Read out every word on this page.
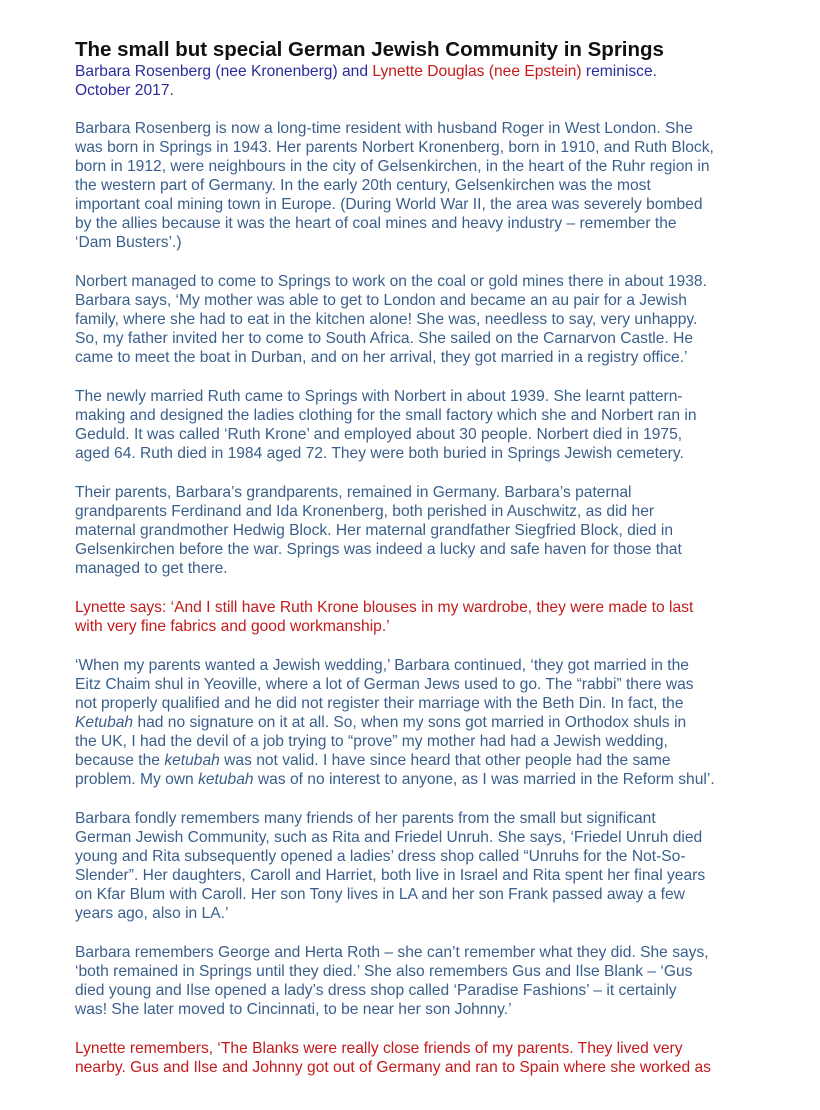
The small but special German Jewish Community in Springs

Barbara Rosenberg (nee Kronenberg) and Lynette Douglas (nee Epstein) reminisce.

October 2017.

Barbara Rosenberg is now a long-time resident with husband Roger in West London. She
was born in Springs in 1943. Her parents Norbert Kronenberg, born in 1910, and Ruth Block,
born in 1912, were neighbours in the city of Gelsenkirchen, in the heart of the Ruhr region in
the western part of Germany. In the early 20th century, Gelsenkirchen was the most
important coal mining town in Europe. (During World War II, the area was severely bombed
by the allies because it was the heart of coal mines and heavy industry – remember the
‘Dam Busters’.)

Norbert managed to come to Springs to work on the coal or gold mines there in about 1938.
Barbara says, ‘My mother was able to get to London and became an au pair for a Jewish
family, where she had to eat in the kitchen alone! She was, needless to say, very unhappy.
So, my father invited her to come to South Africa. She sailed on the Carnarvon Castle. He
came to meet the boat in Durban, and on her arrival, they got married in a registry office.’

The newly married Ruth came to Springs with Norbert in about 1939. She learnt pattern-
making and designed the ladies clothing for the small factory which she and Norbert ran in
Geduld. It was called ‘Ruth Krone’ and employed about 30 people. Norbert died in 1975,
aged 64. Ruth died in 1984 aged 72. They were both buried in Springs Jewish cemetery.

Their parents, Barbara’s grandparents, remained in Germany. Barbara’s paternal
grandparents Ferdinand and Ida Kronenberg, both perished in Auschwitz, as did her
maternal grandmother Hedwig Block. Her maternal grandfather Siegfried Block, died in
Gelsenkirchen before the war. Springs was indeed a lucky and safe haven for those that
managed to get there.

Lynette says: ‘And I still have Ruth Krone blouses in my wardrobe, they were made to last
with very fine fabrics and good workmanship.’

‘When my parents wanted a Jewish wedding,’ Barbara continued, ‘they got married in the
Eitz Chaim shul in Yeoville, where a lot of German Jews used to go. The “rabbi” there was
not properly qualified and he did not register their marriage with the Beth Din. In fact, the
Ketubah had no signature on it at all. So, when my sons got married in Orthodox shuls in
the UK, I had the devil of a job trying to “prove” my mother had had a Jewish wedding,
because the ketubah was not valid. I have since heard that other people had the same
problem. My own ketubah was of no interest to anyone, as I was married in the Reform shul’.

Barbara fondly remembers many friends of her parents from the small but significant
German Jewish Community, such as Rita and Friedel Unruh. She says, ‘Friedel Unruh died
young and Rita subsequently opened a ladies’ dress shop called “Unruhs for the Not-So-
Slender”. Her daughters, Caroll and Harriet, both live in Israel and Rita spent her final years
on Kfar Blum with Caroll. Her son Tony lives in LA and her son Frank passed away a few
years ago, also in LA.’

Barbara remembers George and Herta Roth – she can’t remember what they did. She says,
‘both remained in Springs until they died.’ She also remembers Gus and Ilse Blank – ‘Gus
died young and Ilse opened a lady’s dress shop called ‘Paradise Fashions’ – it certainly
was! She later moved to Cincinnati, to be near her son Johnny.’

Lynette remembers, ‘The Blanks were really close friends of my parents. They lived very
nearby. Gus and Ilse and Johnny got out of Germany and ran to Spain where she worked as
